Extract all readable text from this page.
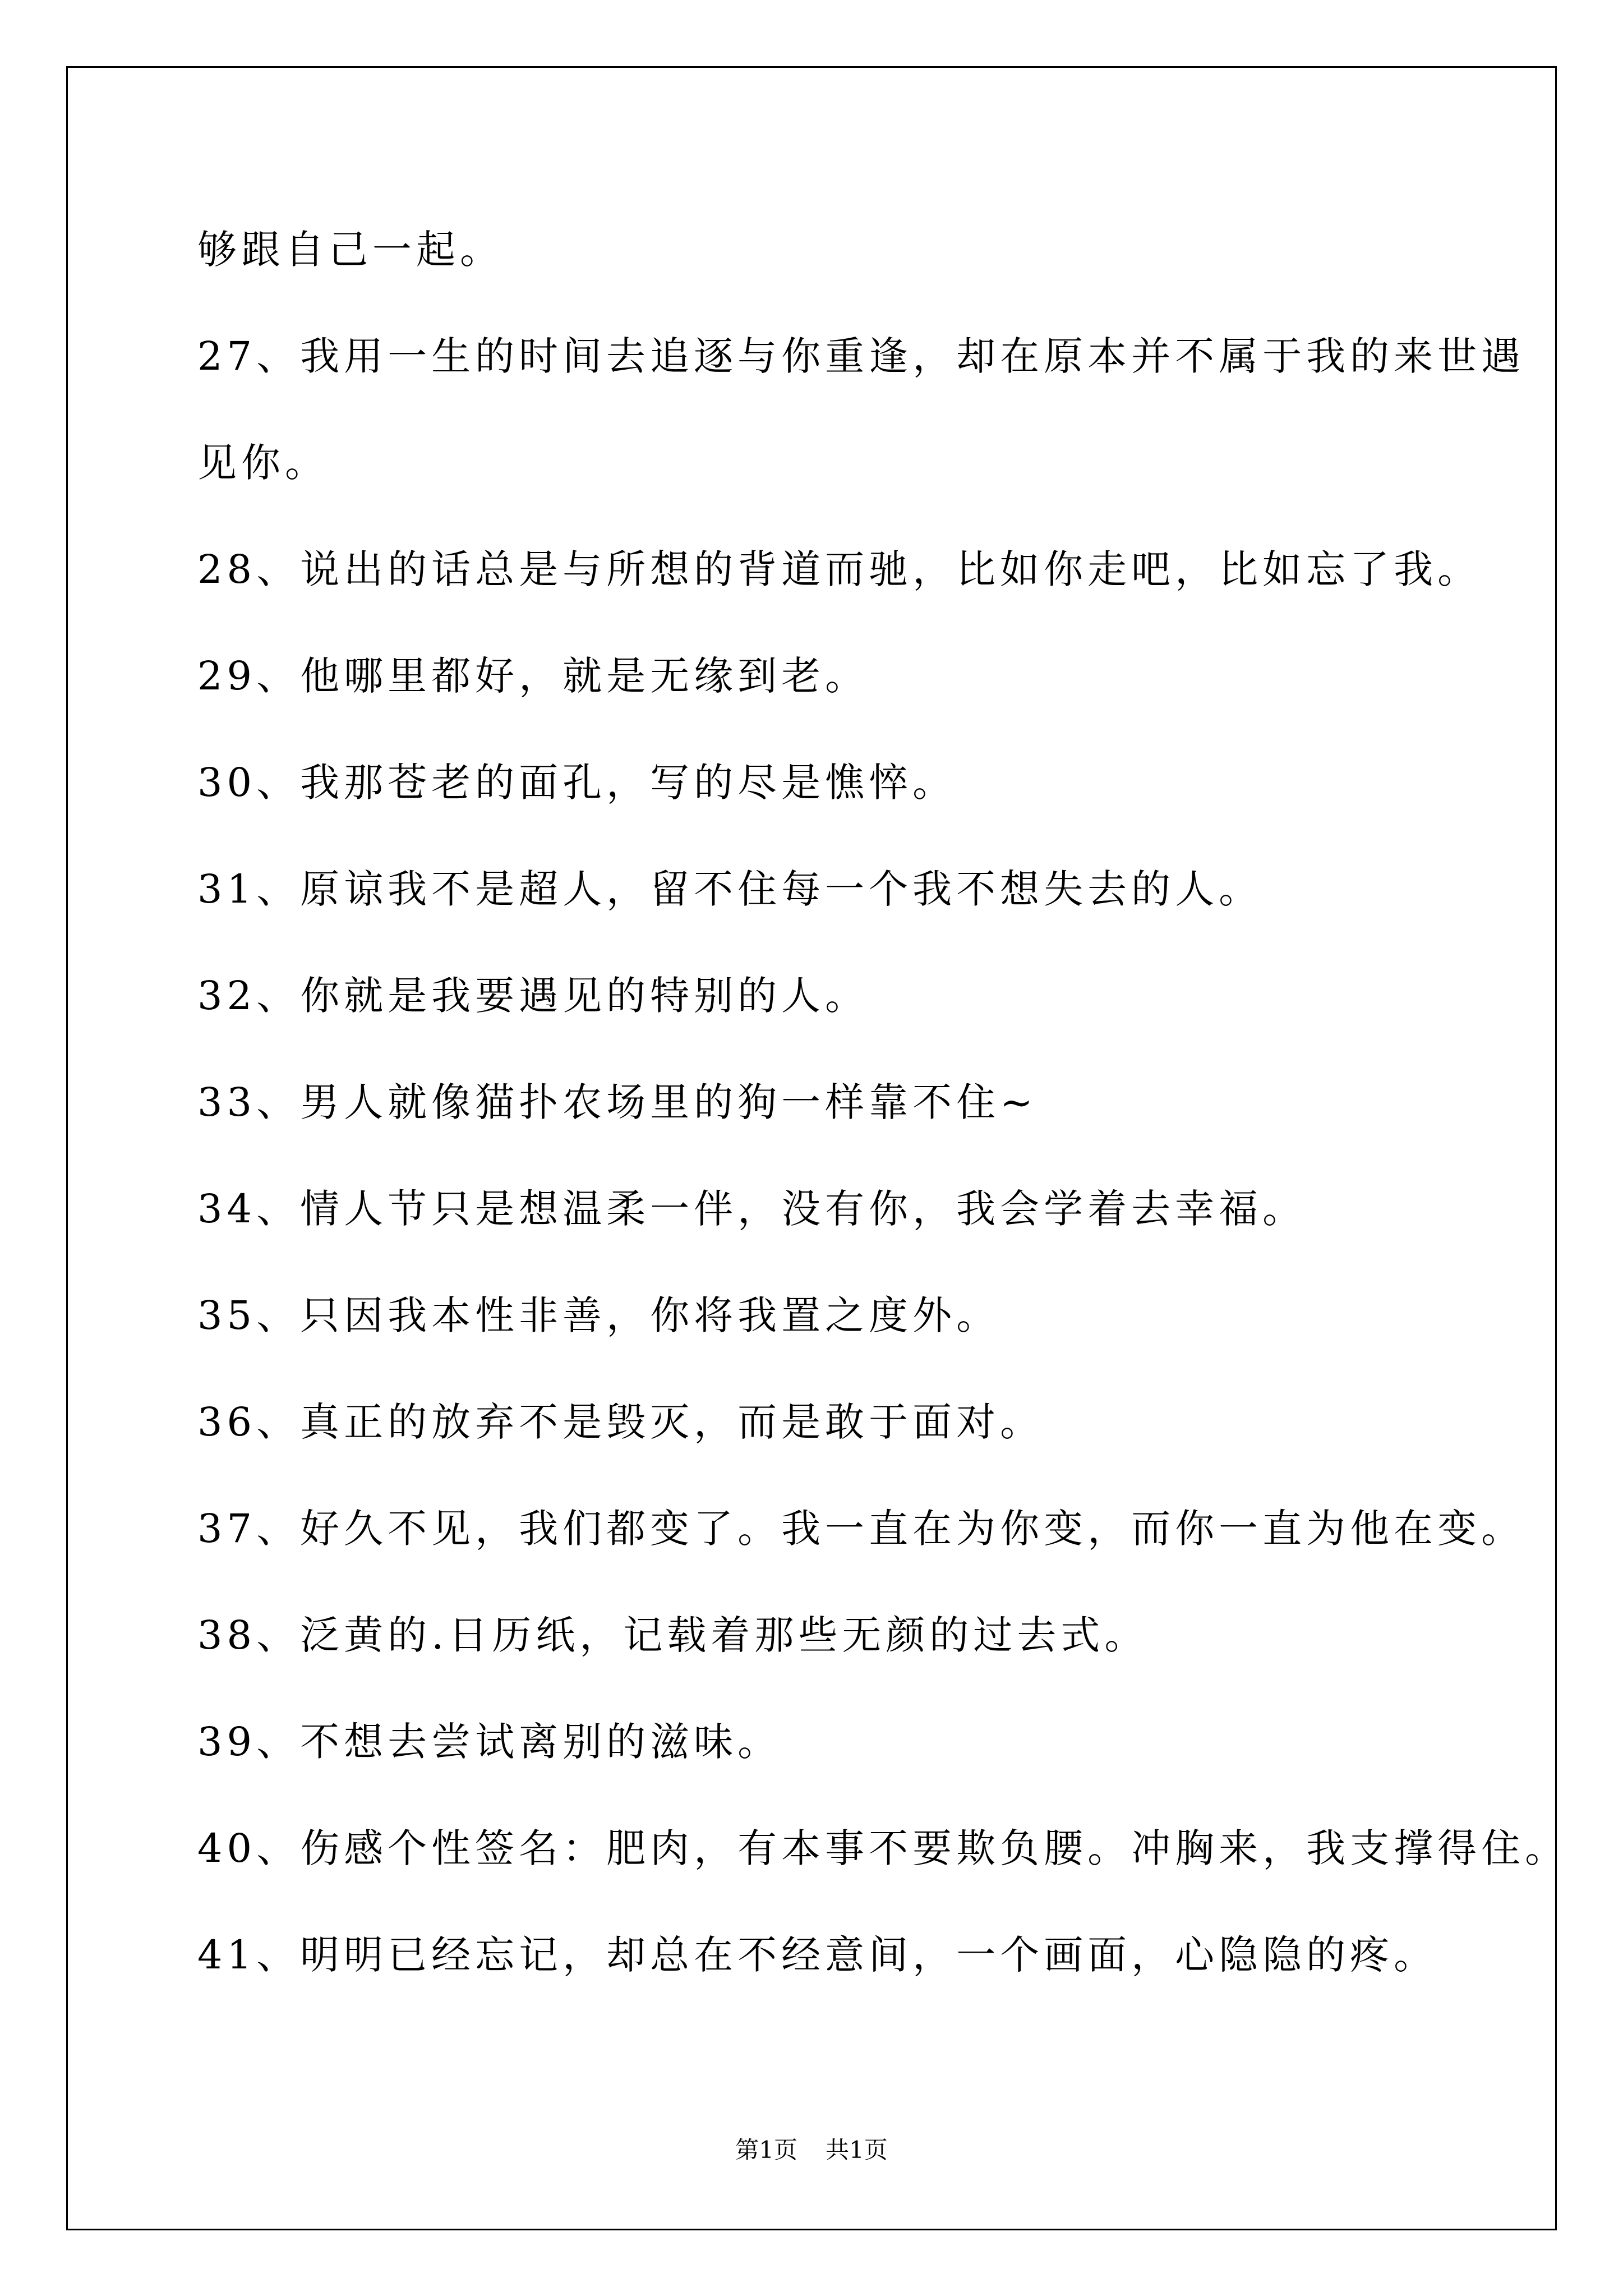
够跟自己一起。
27、我用一生的时间去追逐与你重逢，却在原本并不属于我的来世遇
见你。
28、说出的话总是与所想的背道而驰，比如你走吧，比如忘了我。
29、他哪里都好，就是无缘到老。
30、我那苍老的面孔，写的尽是憔悴。
31、原谅我不是超人，留不住每一个我不想失去的人。
32、你就是我要遇见的特别的人。
33、男人就像猫扑农场里的狗一样靠不住~
34、情人节只是想温柔一伴，没有你，我会学着去幸福。
35、只因我本性非善，你将我置之度外。
36、真正的放弃不是毁灭，而是敢于面对。
37、好久不见，我们都变了。我一直在为你变，而你一直为他在变。
38、泛黄的.日历纸，记载着那些无颜的过去式。
39、不想去尝试离别的滋味。
40、伤感个性签名：肥肉，有本事不要欺负腰。冲胸来，我支撑得住。
41、明明已经忘记，却总在不经意间，一个画面，心隐隐的疼。
第1页 共1页
